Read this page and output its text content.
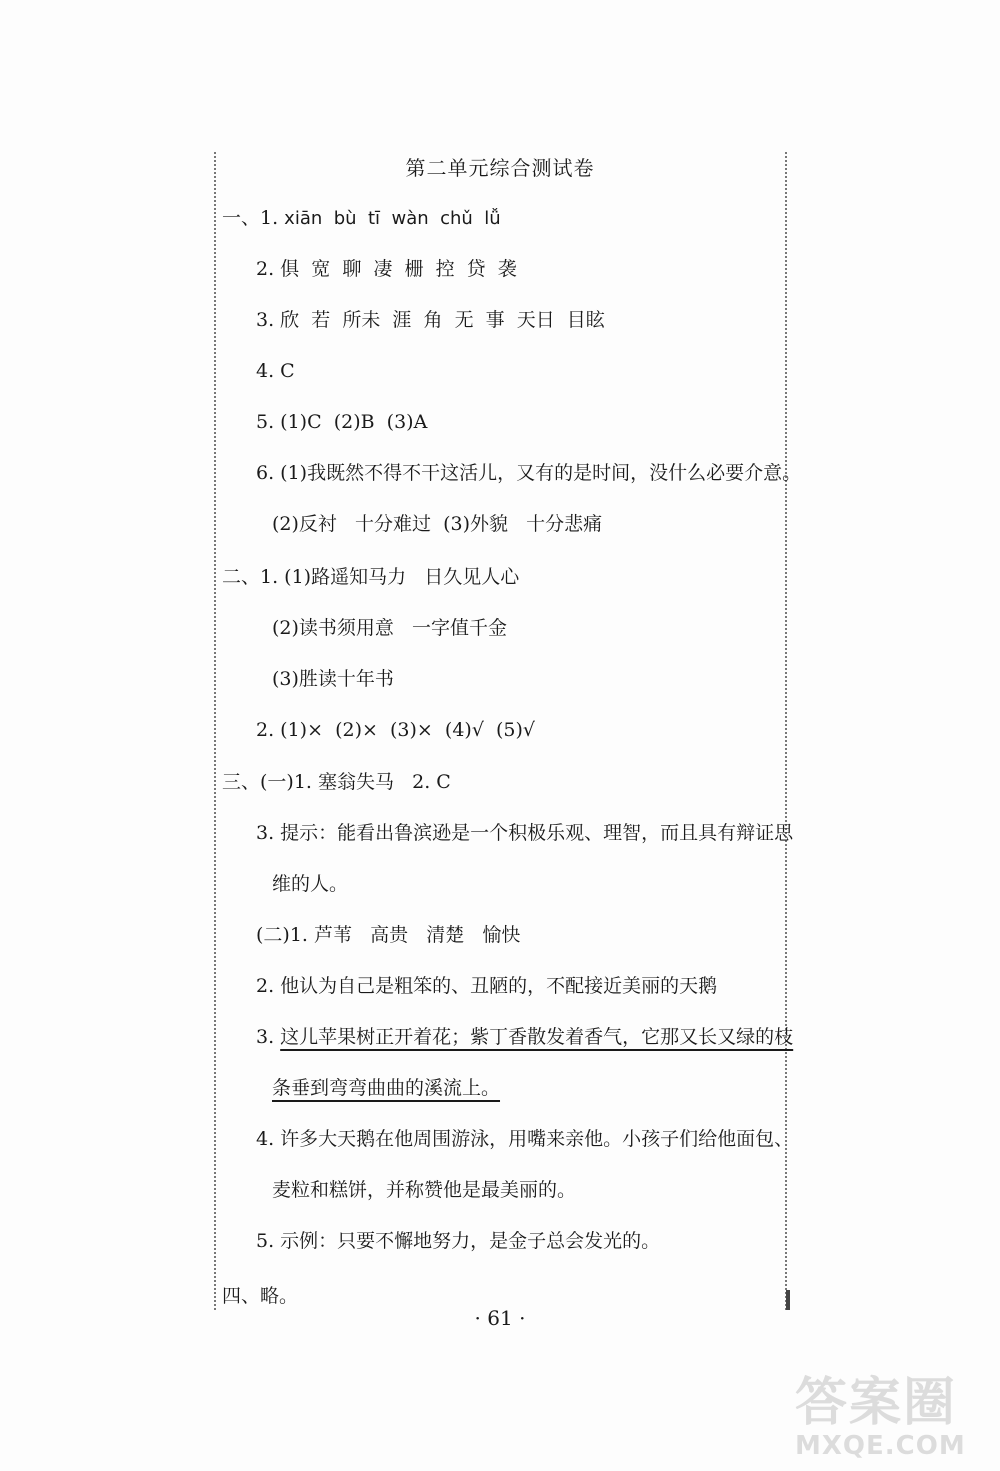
第二单元综合测试卷
一、1. xiān  bù  tī  wàn  chǔ  lǚ
2. 俱  宽  聊  凄  栅  控  贷  袭
3. 欣  若  所未  涯  角  无  事  天日  目眩
4. C
5. (1)C  (2)B  (3)A
6. (1)我既然不得不干这活儿，又有的是时间，没什么必要介意。
(2)反衬   十分难过  (3)外貌   十分悲痛
二、1. (1)路遥知马力   日久见人心
(2)读书须用意   一字值千金
(3)胜读十年书
2. (1)×  (2)×  (3)×  (4)√  (5)√
三、(一)1. 塞翁失马   2. C
3. 提示：能看出鲁滨逊是一个积极乐观、理智，而且具有辩证思
维的人。
(二)1. 芦苇   高贵   清楚   愉快
2. 他认为自己是粗笨的、丑陋的，不配接近美丽的天鹅
3. 这儿苹果树正开着花；紫丁香散发着香气，它那又长又绿的枝
条垂到弯弯曲曲的溪流上。
4. 许多大天鹅在他周围游泳，用嘴来亲他。小孩子们给他面包、
麦粒和糕饼，并称赞他是最美丽的。
5. 示例：只要不懈地努力，是金子总会发光的。
四、略。
· 61 ·
答案圈
MXQE.COM
